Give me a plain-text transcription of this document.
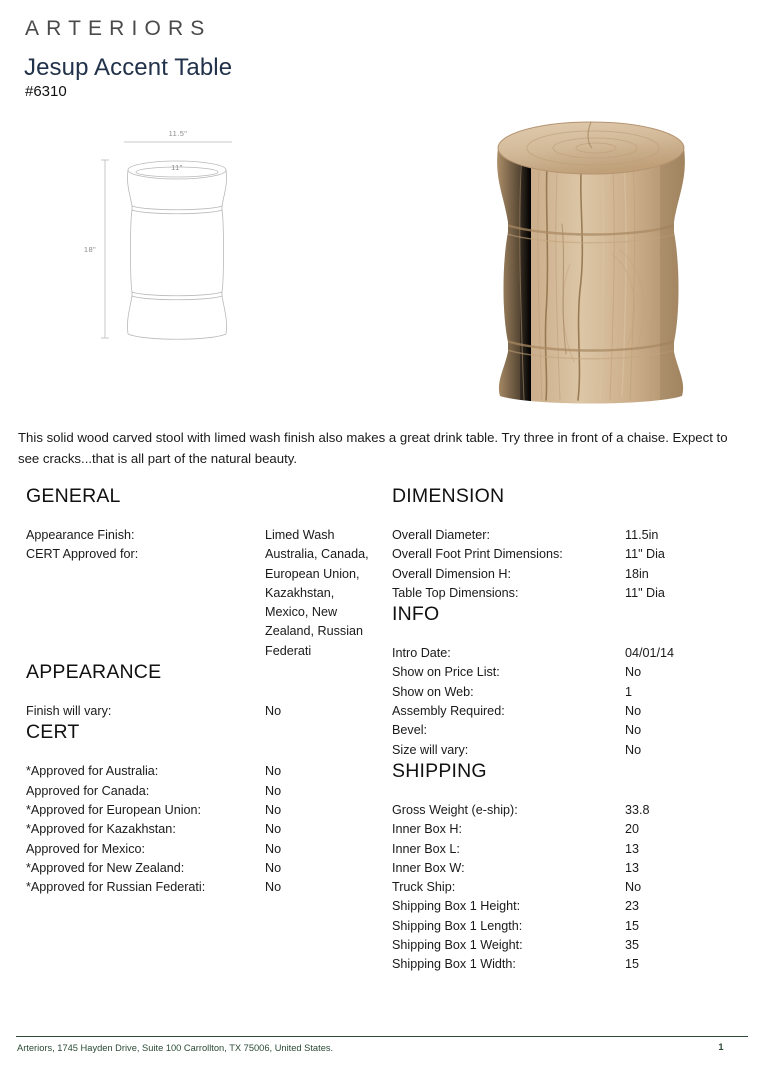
ARTERIORS
Jesup Accent Table
#6310
11.5"
11"
18"
This solid wood carved stool with limed wash finish also makes a great drink table. Try three in front of a chaise. Expect to see cracks...that is all part of the natural beauty.
GENERAL
Appearance Finish:	Limed Wash
CERT Approved for:	Australia, Canada, European Union, Kazakhstan, Mexico, New Zealand, Russian Federati
APPEARANCE
Finish will vary:	No
CERT
*Approved for Australia:	No
Approved for Canada:	No
*Approved for European Union:	No
*Approved for Kazakhstan:	No
Approved for Mexico:	No
*Approved for New Zealand:	No
*Approved for Russian Federati:	No
DIMENSION
Overall Diameter:	11.5in
Overall Foot Print Dimensions:	11" Dia
Overall Dimension H:	18in
Table Top Dimensions:	11" Dia
INFO
Intro Date:	04/01/14
Show on Price List:	No
Show on Web:	1
Assembly Required:	No
Bevel:	No
Size will vary:	No
SHIPPING
Gross Weight (e-ship):	33.8
Inner Box H:	20
Inner Box L:	13
Inner Box W:	13
Truck Ship:	No
Shipping Box 1 Height:	23
Shipping Box 1 Length:	15
Shipping Box 1 Weight:	35
Shipping Box 1 Width:	15
Arteriors, 1745 Hayden Drive, Suite 100 Carrollton, TX 75006, United States.	1
